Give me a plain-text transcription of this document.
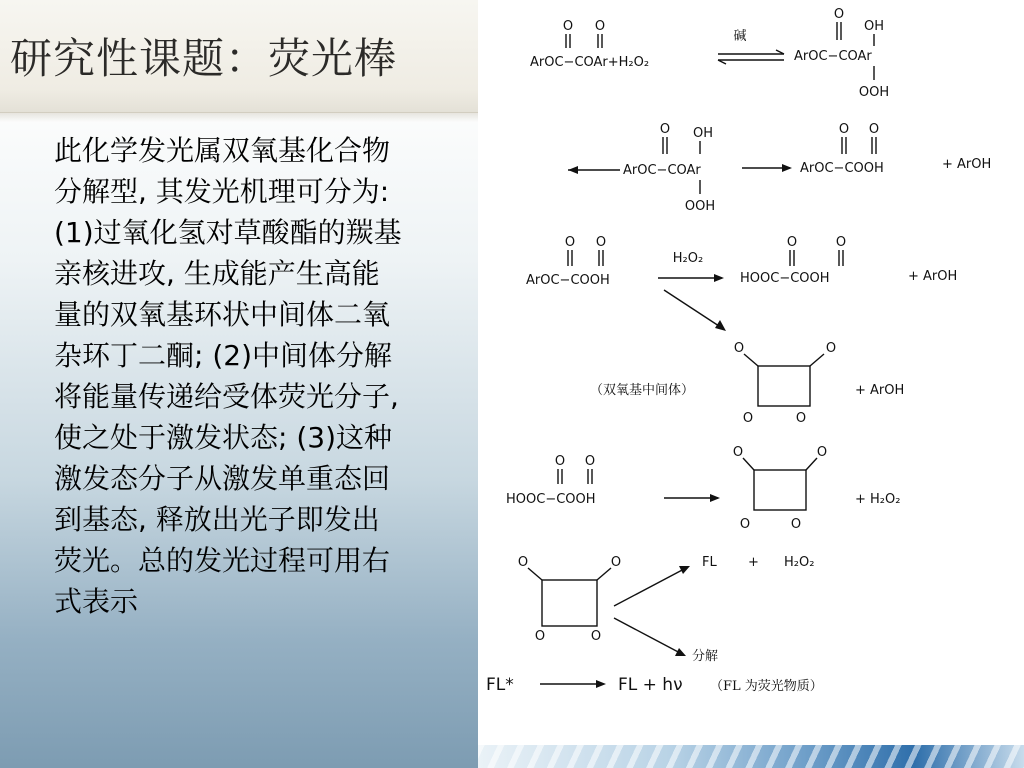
研究性课题：荧光棒

此化学发光属双氧基化合物分解型, 其发光机理可分为: (1)过氧化氢对草酸酯的羰基亲核进攻, 生成能产生高能量的双氧基环状中间体二氧杂环丁二酮; (2)中间体分解将能量传递给受体荧光分子, 使之处于激发状态; (3)这种激发态分子从激发单重态回到基态, 释放出光子即发出荧光。总的发光过程可用右式表示

O O
ArOC−COAr+H₂O₂
碱
O
OH
ArOC−COAr
OOH
O OH
ArOC−COAr
OOH
O O
ArOC−COOH	+ ArOH
O O
ArOC−COOH
H₂O₂
O	O
HOOC−COOH	+ ArOH
O	O
（双氧基中间体）	+ ArOH
O	O
O O
HOOC−COOH
O	O
O	O
+ H₂O₂
O	O
O	O
FL + H₂O₂
分解
FL*	FL + hν （FL 为荧光物质）
